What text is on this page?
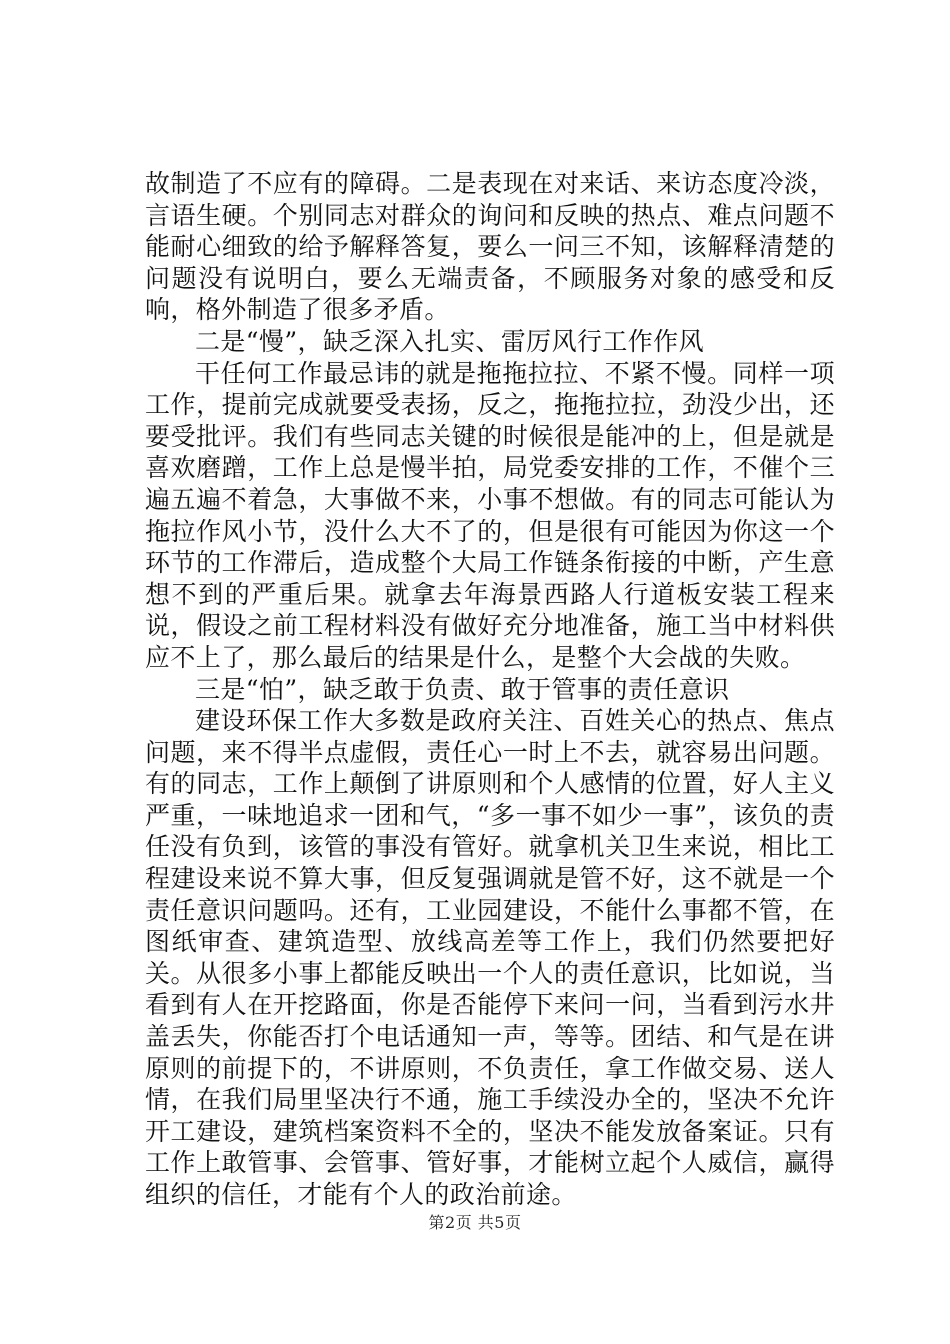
故制造了不应有的障碍。二是表现在对来话、来访态度冷淡，言语生硬。个别同志对群众的询问和反映的热点、难点问题不能耐心细致的给予解释答复，要么一问三不知，该解释清楚的问题没有说明白，要么无端责备，不顾服务对象的感受和反响，格外制造了很多矛盾。

二是“慢”，缺乏深入扎实、雷厉风行工作作风

干任何工作最忌讳的就是拖拖拉拉、不紧不慢。同样一项工作，提前完成就要受表扬，反之，拖拖拉拉，劲没少出，还要受批评。我们有些同志关键的时候很是能冲的上，但是就是喜欢磨蹭，工作上总是慢半拍，局党委安排的工作，不催个三遍五遍不着急，大事做不来，小事不想做。有的同志可能认为拖拉作风小节，没什么大不了的，但是很有可能因为你这一个环节的工作滞后，造成整个大局工作链条衔接的中断，产生意想不到的严重后果。就拿去年海景西路人行道板安装工程来说，假设之前工程材料没有做好充分地准备，施工当中材料供应不上了，那么最后的结果是什么，是整个大会战的失败。

三是“怕”，缺乏敢于负责、敢于管事的责任意识

建设环保工作大多数是政府关注、百姓关心的热点、焦点问题，来不得半点虚假，责任心一时上不去，就容易出问题。有的同志，工作上颠倒了讲原则和个人感情的位置，好人主义严重，一味地追求一团和气，“多一事不如少一事”，该负的责任没有负到，该管的事没有管好。就拿机关卫生来说，相比工程建设来说不算大事，但反复强调就是管不好，这不就是一个责任意识问题吗。还有，工业园建设，不能什么事都不管，在图纸审查、建筑造型、放线高差等工作上，我们仍然要把好关。从很多小事上都能反映出一个人的责任意识，比如说，当看到有人在开挖路面，你是否能停下来问一问，当看到污水井盖丢失，你能否打个电话通知一声，等等。团结、和气是在讲原则的前提下的，不讲原则，不负责任，拿工作做交易、送人情，在我们局里坚决行不通，施工手续没办全的，坚决不允许开工建设，建筑档案资料不全的，坚决不能发放备案证。只有工作上敢管事、会管事、管好事，才能树立起个人威信，赢得组织的信任，才能有个人的政治前途。

第2页 共5页
